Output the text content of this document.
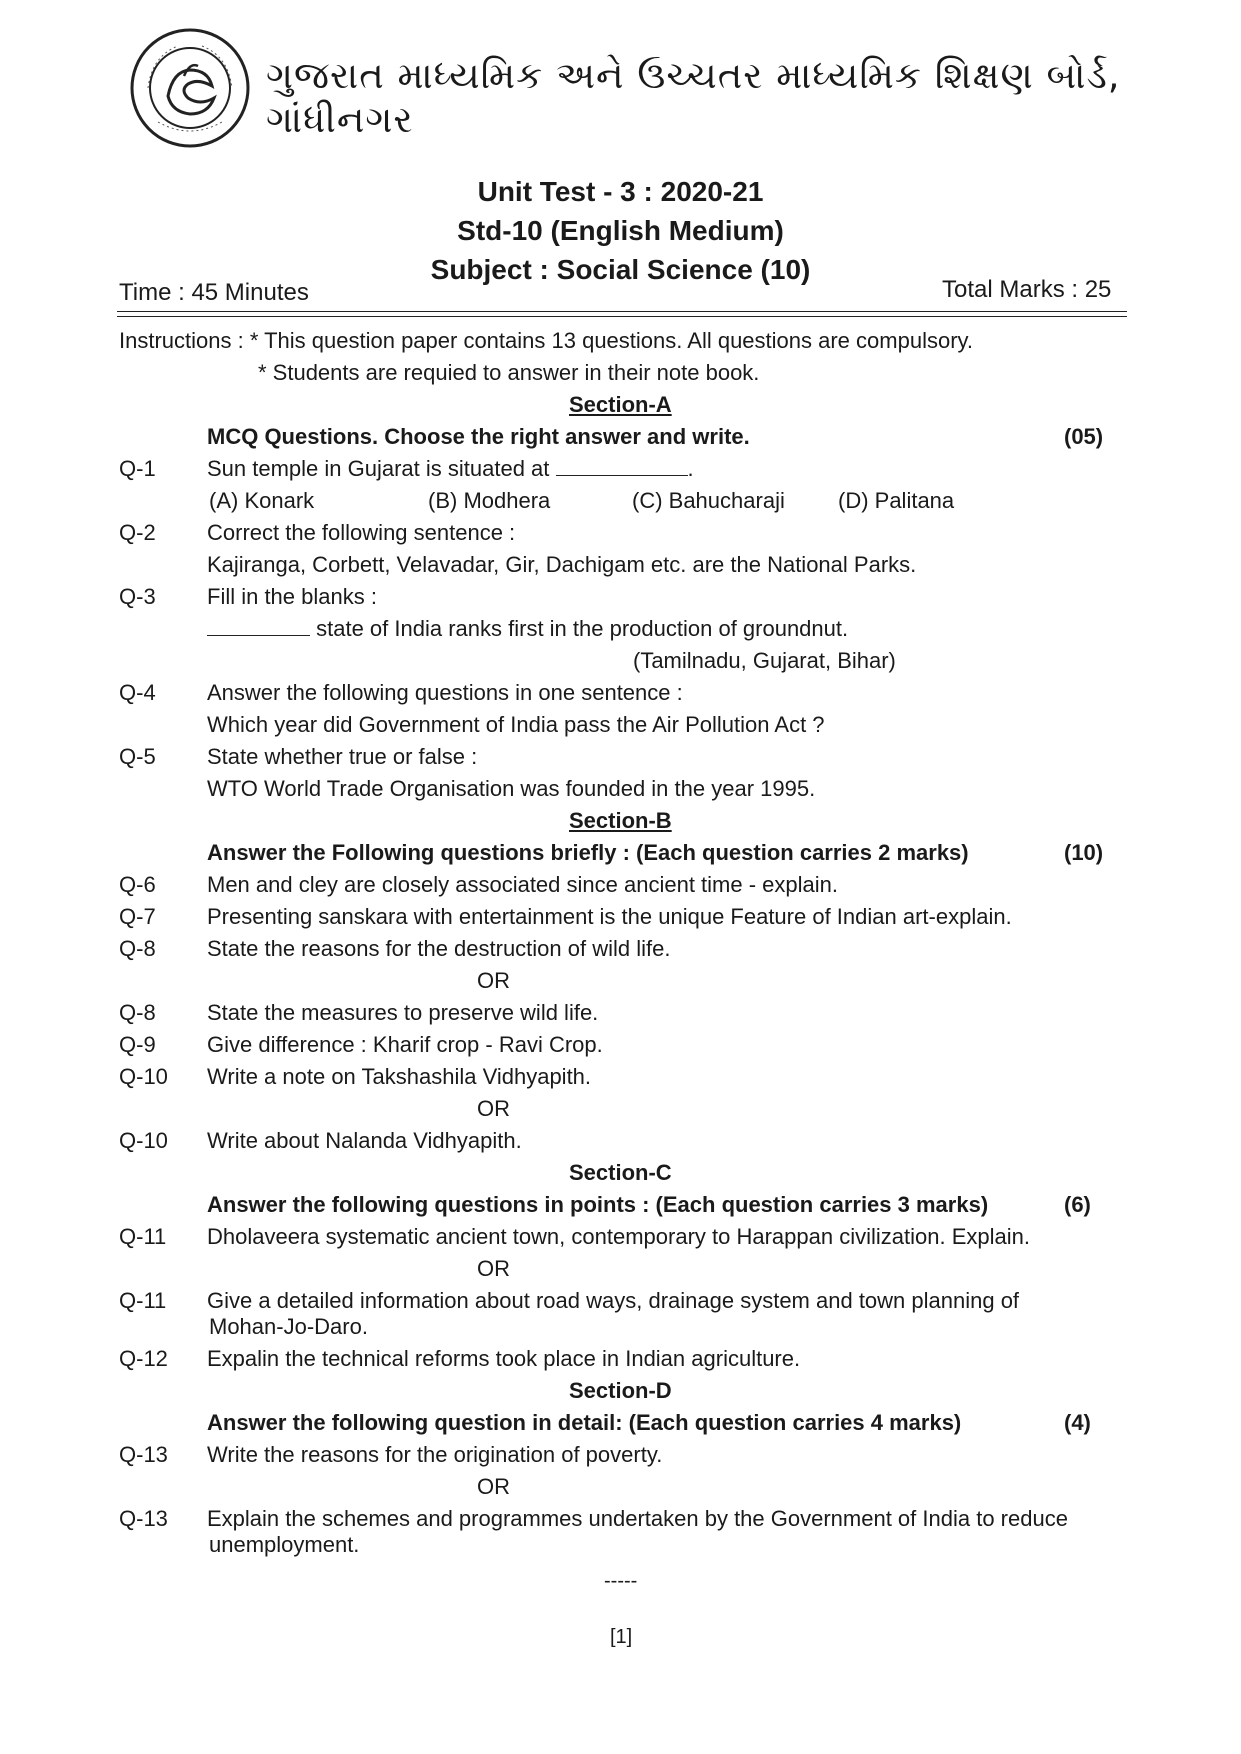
ગુજરાત માધ્યમિક અને ઉચ્ચતર માધ્યમિક શિક્ષણ બોર્ડ, ગાંધીનગર
Unit Test - 3 : 2020-21
Std-10 (English Medium)
Subject : Social Science (10)
Time : 45 Minutes	Total Marks : 25
Instructions : * This question paper contains 13 questions. All questions are compulsory.
* Students are requied to answer in their note book.
Section-A
MCQ Questions. Choose the right answer and write.	(05)
Q-1 Sun temple in Gujarat is situated at	.
(A) Konark	(B) Modhera	(C) Bahucharaji (D) Palitana
Q-2 Correct the following sentence :
Kajiranga, Corbett, Velavadar, Gir, Dachigam etc. are the National Parks.
Q-3 Fill in the blanks :
state of India ranks first in the production of groundnut.
(Tamilnadu, Gujarat, Bihar)
Q-4 Answer the following questions in one sentence :
Which year did Government of India pass the Air Pollution Act ?
Q-5 State whether true or false :
WTO World Trade Organisation was founded in the year 1995.
Section-B
Answer the Following questions briefly : (Each question carries 2 marks)	(10)
Q-6 Men and cley are closely associated since ancient time - explain.
Q-7 Presenting sanskara with entertainment is the unique Feature of Indian art-explain.
Q-8 State the reasons for the destruction of wild life.
OR
Q-8 State the measures to preserve wild life.
Q-9 Give difference : Kharif crop - Ravi Crop.
Q-10 Write a note on Takshashila Vidhyapith.
OR
Q-10 Write about Nalanda Vidhyapith.
Section-C
Answer the following questions in points : (Each question carries 3 marks)	(6)
Q-11 Dholaveera systematic ancient town, contemporary to Harappan civilization. Explain.
OR
Q-11 Give a detailed information about road ways, drainage system and town planning of
Mohan-Jo-Daro.
Q-12 Expalin the technical reforms took place in Indian agriculture.
Section-D
Answer the following question in detail: (Each question carries 4 marks)	(4)
Q-13 Write the reasons for the origination of poverty.
OR
Q-13 Explain the schemes and programmes undertaken by the Government of India to reduce
unemployment.
-----
[1]
